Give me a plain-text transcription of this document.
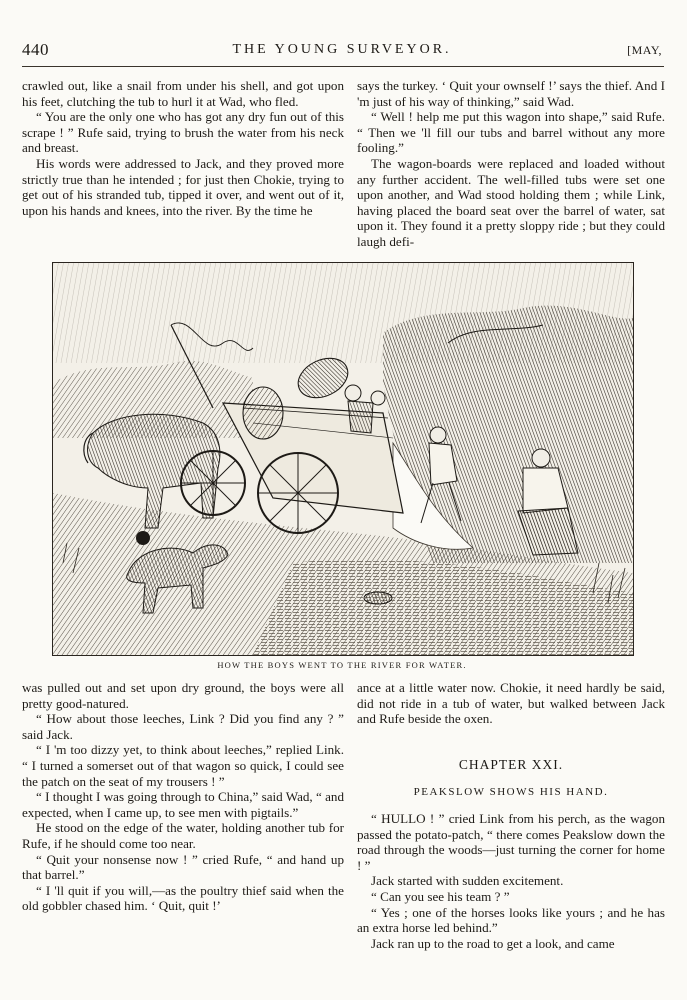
440	THE YOUNG SURVEYOR.	[MAY,

crawled out, like a snail from under his shell, and got upon his feet, clutching the tub to hurl it at Wad, who fled.

“ You are the only one who has got any dry fun out of this scrape ! ” Rufe said, trying to brush the water from his neck and breast.

His words were addressed to Jack, and they proved more strictly true than he intended ; for just then Chokie, trying to get out of his stranded tub, tipped it over, and went out of it, upon his hands and knees, into the river. By the time he

says the turkey. ‘ Quit your ownself !’ says the thief. And I 'm just of his way of thinking,” said Wad.

“ Well ! help me put this wagon into shape,” said Rufe. “ Then we 'll fill our tubs and barrel without any more fooling.”

The wagon-boards were replaced and loaded without any further accident. The well-filled tubs were set one upon another, and Wad stood holding them ; while Link, having placed the board seat over the barrel of water, sat upon it. They found it a pretty sloppy ride ; but they could laugh defi-

HOW THE BOYS WENT TO THE RIVER FOR WATER.

was pulled out and set upon dry ground, the boys were all pretty good-natured.

“ How about those leeches, Link ? Did you find any ? ” said Jack.

“ I 'm too dizzy yet, to think about leeches,” replied Link. “ I turned a somerset out of that wagon so quick, I could see the patch on the seat of my trousers ! ”

“ I thought I was going through to China,” said Wad, “ and expected, when I came up, to see men with pigtails.”

He stood on the edge of the water, holding another tub for Rufe, if he should come too near.

“ Quit your nonsense now ! ” cried Rufe, “ and hand up that barrel.”

“ I 'll quit if you will,—as the poultry thief said when the old gobbler chased him. ‘ Quit, quit !’

ance at a little water now. Chokie, it need hardly be said, did not ride in a tub of water, but walked between Jack and Rufe beside the oxen.

CHAPTER XXI.
PEAKSLOW SHOWS HIS HAND.

“ HULLO ! ” cried Link from his perch, as the wagon passed the potato-patch, “ there comes Peakslow down the road through the woods—just turning the corner for home ! ”

Jack started with sudden excitement.

“ Can you see his team ? ”

“ Yes ; one of the horses looks like yours ; and he has an extra horse led behind.”

Jack ran up to the road to get a look, and came
